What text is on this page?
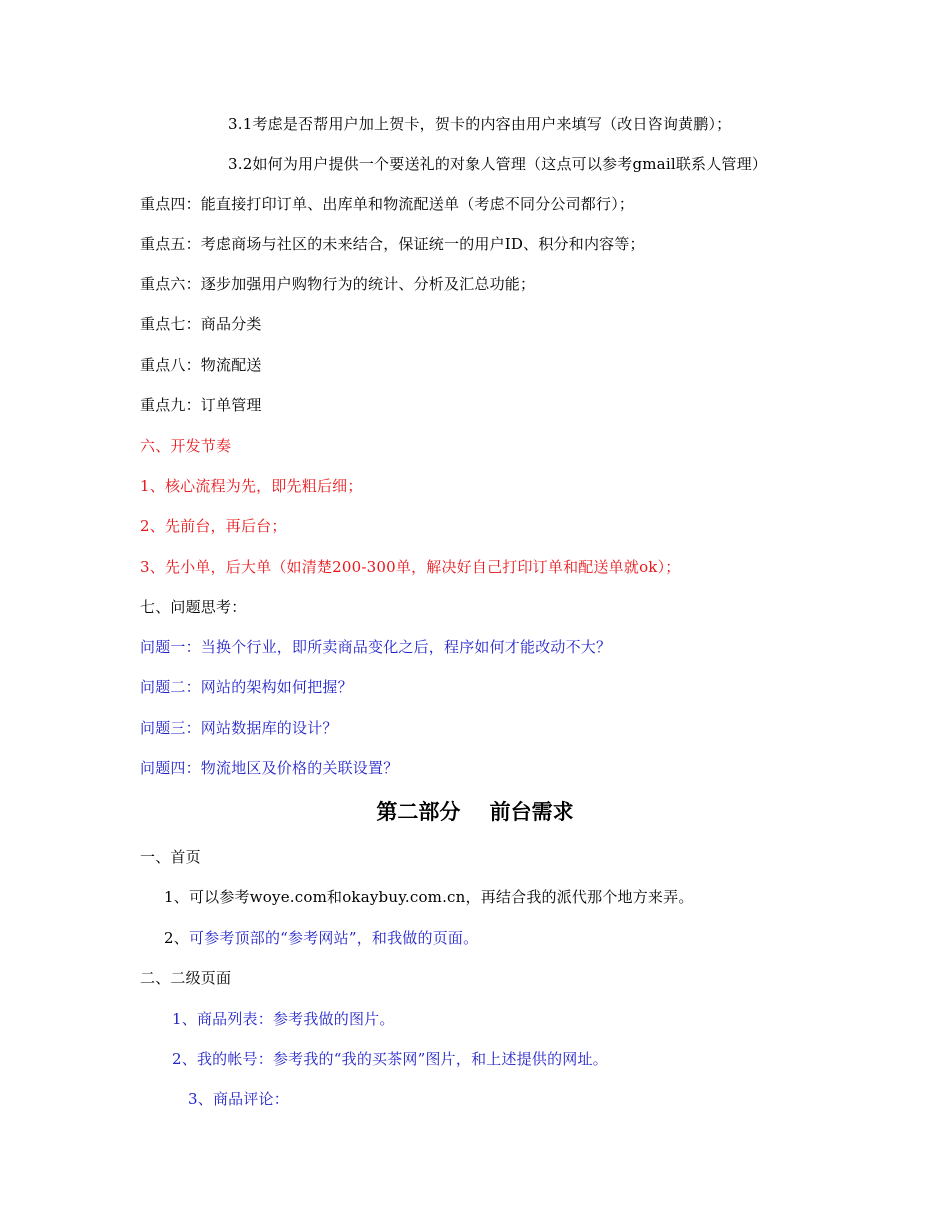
3.1考虑是否帮用户加上贺卡，贺卡的内容由用户来填写（改日咨询黄鹏）；
3.2如何为用户提供一个要送礼的对象人管理（这点可以参考gmail联系人管理）
重点四：能直接打印订单、出库单和物流配送单（考虑不同分公司都行）；
重点五：考虑商场与社区的未来结合，保证统一的用户ID、积分和内容等；
重点六：逐步加强用户购物行为的统计、分析及汇总功能；
重点七：商品分类
重点八：物流配送
重点九：订单管理
六、开发节奏
1、核心流程为先，即先粗后细；
2、先前台，再后台；
3、先小单，后大单（如清楚200-300单，解决好自己打印订单和配送单就ok）；
七、问题思考：
问题一：当换个行业，即所卖商品变化之后，程序如何才能改动不大？
问题二：网站的架构如何把握？
问题三：网站数据库的设计？
问题四：物流地区及价格的关联设置？
第二部分    前台需求
一、首页
1、可以参考woye.com和okaybuy.com.cn，再结合我的派代那个地方来弄。
2、可参考顶部的“参考网站”，和我做的页面。
二、二级页面
1、商品列表：参考我做的图片。
2、我的帐号：参考我的“我的买茶网”图片，和上述提供的网址。
3、商品评论：
